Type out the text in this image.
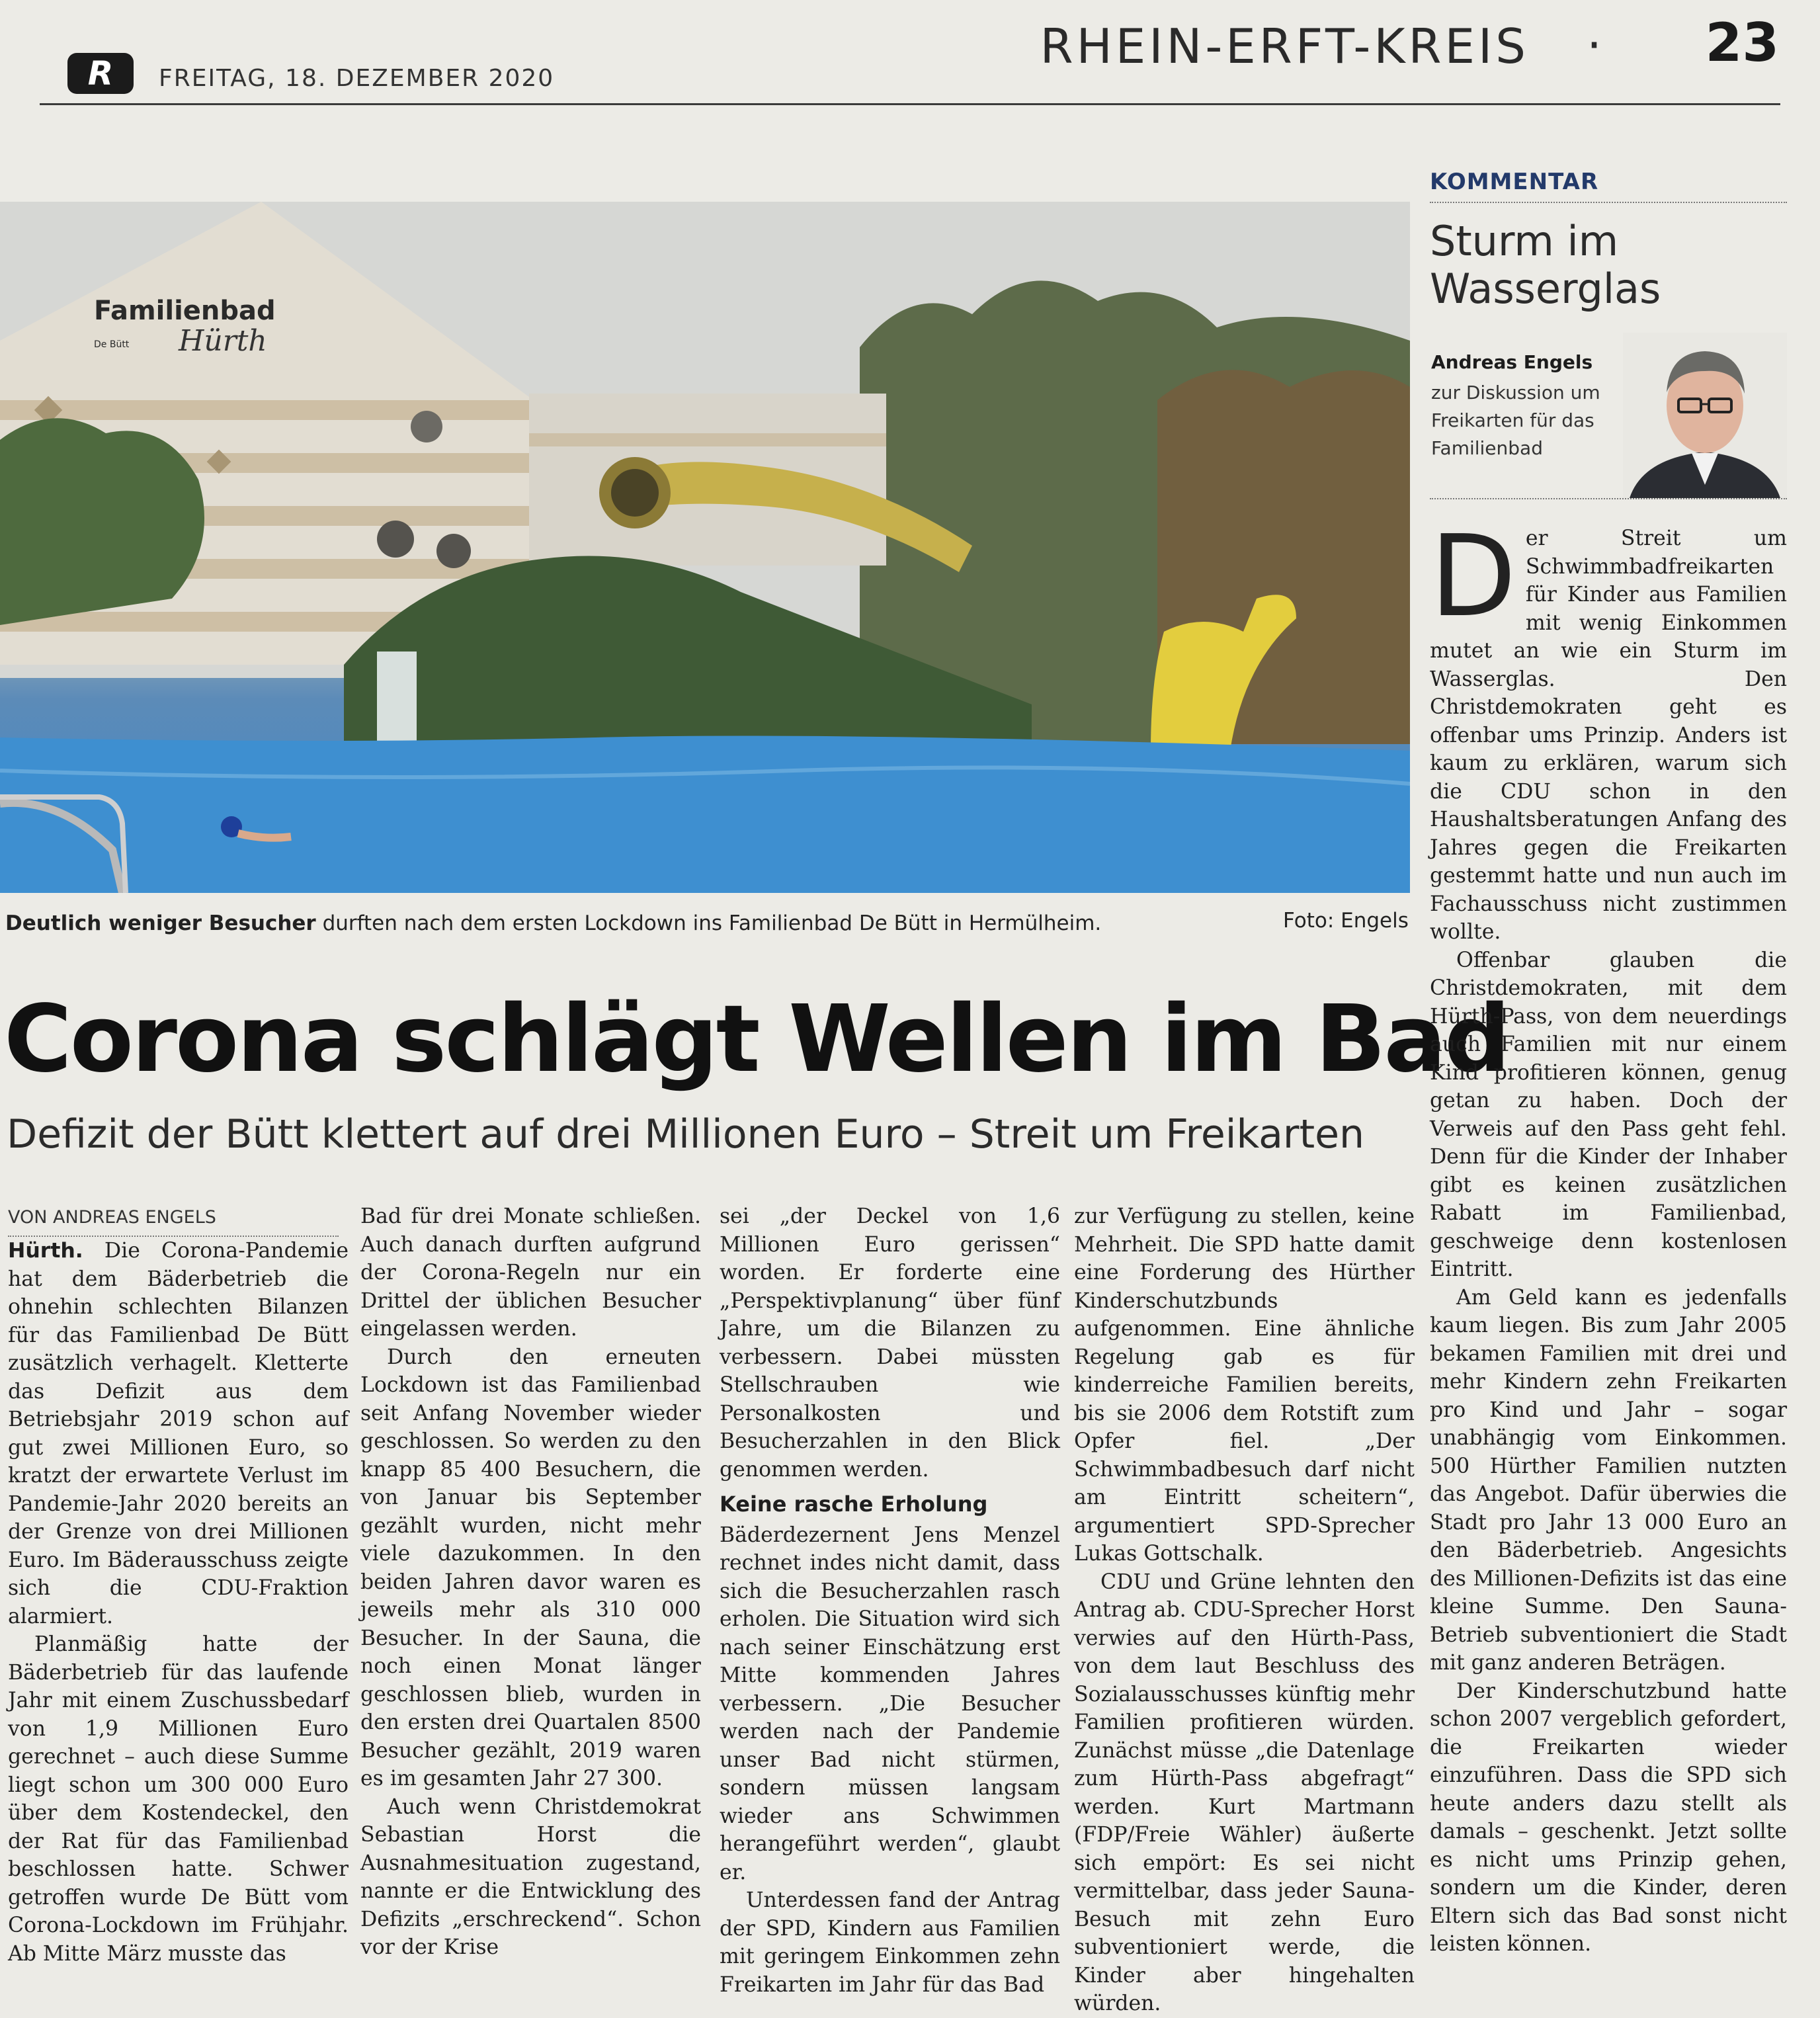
R	FREITAG, 18. DEZEMBER 2020
RHEIN-ERFT-KREIS · 23
Familienbad
De Bütt Hürth
Deutlich weniger Besucher durften nach dem ersten Lockdown ins Familienbad De Bütt in Hermülheim.	Foto: Engels
Corona schlägt Wellen im Bad
Defizit der Bütt klettert auf drei Millionen Euro – Streit um Freikarten
VON ANDREAS ENGELS

Hürth. Die Corona-Pandemie hat dem Bäderbetrieb die ohnehin schlechten Bilanzen für das Familienbad De Bütt zusätzlich verhagelt. Kletterte das Defizit aus dem Betriebsjahr 2019 schon auf gut zwei Millionen Euro, so kratzt der erwartete Verlust im Pandemie-Jahr 2020 bereits an der Grenze von drei Millionen Euro. Im Bäderausschuss zeigte sich die CDU-Fraktion alarmiert.

Planmäßig hatte der Bäderbetrieb für das laufende Jahr mit einem Zuschussbedarf von 1,9 Millionen Euro gerechnet – auch diese Summe liegt schon um 300 000 Euro über dem Kostendeckel, den der Rat für das Familienbad beschlossen hatte. Schwer getroffen wurde De Bütt vom Corona-Lockdown im Frühjahr. Ab Mitte März musste das

Bad für drei Monate schließen. Auch danach durften aufgrund der Corona-Regeln nur ein Drittel der üblichen Besucher eingelassen werden.

Durch den erneuten Lockdown ist das Familienbad seit Anfang November wieder geschlossen. So werden zu den knapp 85 400 Besuchern, die von Januar bis September gezählt wurden, nicht mehr viele dazukommen. In den beiden Jahren davor waren es jeweils mehr als 310 000 Besucher. In der Sauna, die noch einen Monat länger geschlossen blieb, wurden in den ersten drei Quartalen 8500 Besucher gezählt, 2019 waren es im gesamten Jahr 27 300.

Auch wenn Christdemokrat Sebastian Horst die Ausnahmesituation zugestand, nannte er die Entwicklung des Defizits „erschreckend“. Schon vor der Krise

sei „der Deckel von 1,6 Millionen Euro gerissen“ worden. Er forderte eine „Perspektivplanung“ über fünf Jahre, um die Bilanzen zu verbessern. Dabei müssten Stellschrauben wie Personalkosten und Besucherzahlen in den Blick genommen werden.

Keine rasche Erholung

Bäderdezernent Jens Menzel rechnet indes nicht damit, dass sich die Besucherzahlen rasch erholen. Die Situation wird sich nach seiner Einschätzung erst Mitte kommenden Jahres verbessern. „Die Besucher werden nach der Pandemie unser Bad nicht stürmen, sondern müssen langsam wieder ans Schwimmen herangeführt werden“, glaubt er.

Unterdessen fand der Antrag der SPD, Kindern aus Familien mit geringem Einkommen zehn Freikarten im Jahr für das Bad

zur Verfügung zu stellen, keine Mehrheit. Die SPD hatte damit eine Forderung des Hürther Kinderschutzbunds aufgenommen. Eine ähnliche Regelung gab es für kinderreiche Familien bereits, bis sie 2006 dem Rotstift zum Opfer fiel. „Der Schwimmbadbesuch darf nicht am Eintritt scheitern“, argumentiert SPD-Sprecher Lukas Gottschalk.

CDU und Grüne lehnten den Antrag ab. CDU-Sprecher Horst verwies auf den Hürth-Pass, von dem laut Beschluss des Sozialausschusses künftig mehr Familien profitieren würden. Zunächst müsse „die Datenlage zum Hürth-Pass abgefragt“ werden. Kurt Martmann (FDP/Freie Wähler) äußerte sich empört: Es sei nicht vermittelbar, dass jeder Sauna-Besuch mit zehn Euro subventioniert werde, die Kinder aber hingehalten würden.

KOMMENTAR
Sturm im
Wasserglas
Andreas Engels
zur Diskussion um Freikarten für das Familienbad

Der Streit um Schwimmbadfreikarten für Kinder aus Familien mit wenig Einkommen mutet an wie ein Sturm im Wasserglas. Den Christdemokraten geht es offenbar ums Prinzip. Anders ist kaum zu erklären, warum sich die CDU schon in den Haushaltsberatungen Anfang des Jahres gegen die Freikarten gestemmt hatte und nun auch im Fachausschuss nicht zustimmen wollte.

Offenbar glauben die Christdemokraten, mit dem Hürth-Pass, von dem neuerdings auch Familien mit nur einem Kind profitieren können, genug getan zu haben. Doch der Verweis auf den Pass geht fehl. Denn für die Kinder der Inhaber gibt es keinen zusätzlichen Rabatt im Familienbad, geschweige denn kostenlosen Eintritt.

Am Geld kann es jedenfalls kaum liegen. Bis zum Jahr 2005 bekamen Familien mit drei und mehr Kindern zehn Freikarten pro Kind und Jahr – sogar unabhängig vom Einkommen. 500 Hürther Familien nutzten das Angebot. Dafür überwies die Stadt pro Jahr 13 000 Euro an den Bäderbetrieb. Angesichts des Millionen-Defizits ist das eine kleine Summe. Den Sauna-Betrieb subventioniert die Stadt mit ganz anderen Beträgen.

Der Kinderschutzbund hatte schon 2007 vergeblich gefordert, die Freikarten wieder einzuführen. Dass die SPD sich heute anders dazu stellt als damals – geschenkt. Jetzt sollte es nicht ums Prinzip gehen, sondern um die Kinder, deren Eltern sich das Bad sonst nicht leisten können.
